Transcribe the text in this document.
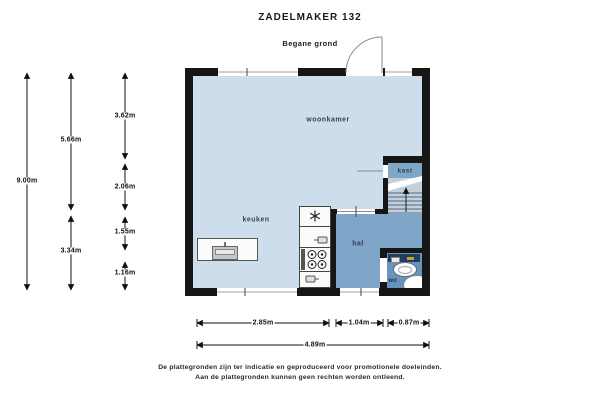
ZADELMAKER 132
Begane grond
woonkamer
keuken
hal
kast
wc
9.00m
5.66m
3.34m
3.62m
2.06m
1.55m
1.16m
2.85m	1.04m	0.87m
4.89m
De plattegronden zijn ter indicatie en geproduceerd voor promotionele doeleinden.
Aan de plattegronden kunnen geen rechten worden ontleend.
